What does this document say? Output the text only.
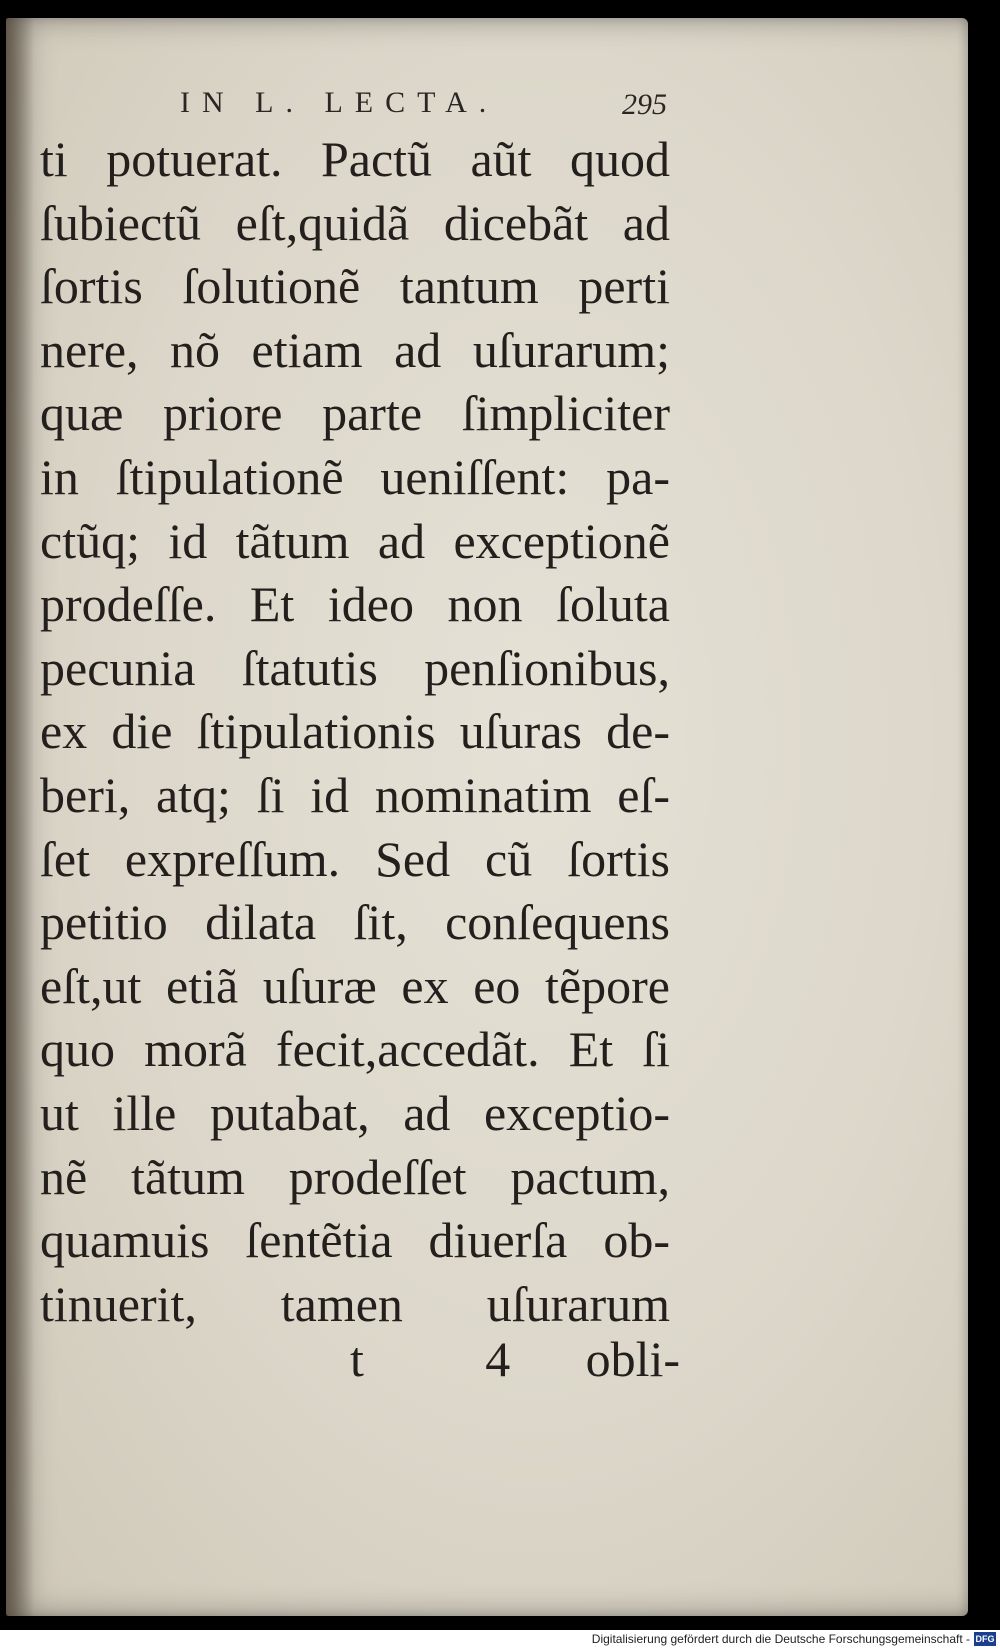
IN L. LECTA.	295
ti potuerat. Pactũ aũt quod
ſubiectũ eſt,quidã dicebãt ad
ſortis ſolutionẽ tantum perti
nere, nõ etiam ad uſurarum;
quæ priore parte ſimpliciter
in ſtipulationẽ ueniſſent: pa-
ctũq; id tãtum ad exceptionẽ
prodeſſe. Et ideo non ſoluta
pecunia ſtatutis penſionibus,
ex die ſtipulationis uſuras de-
beri, atq; ſi id nominatim eſ-
ſet expreſſum. Sed cũ ſortis
petitio dilata ſit, conſequens
eſt,ut etiã uſuræ ex eo tẽpore
quo morã fecit,accedãt. Et ſi
ut ille putabat, ad exceptio-
nẽ tãtum prodeſſet pactum,
quamuis ſentẽtia diuerſa ob-
tinuerit, tamen uſurarum
t	4	obli-
Digitalisierung gefördert durch die Deutsche Forschungsgemeinschaft - DFG
